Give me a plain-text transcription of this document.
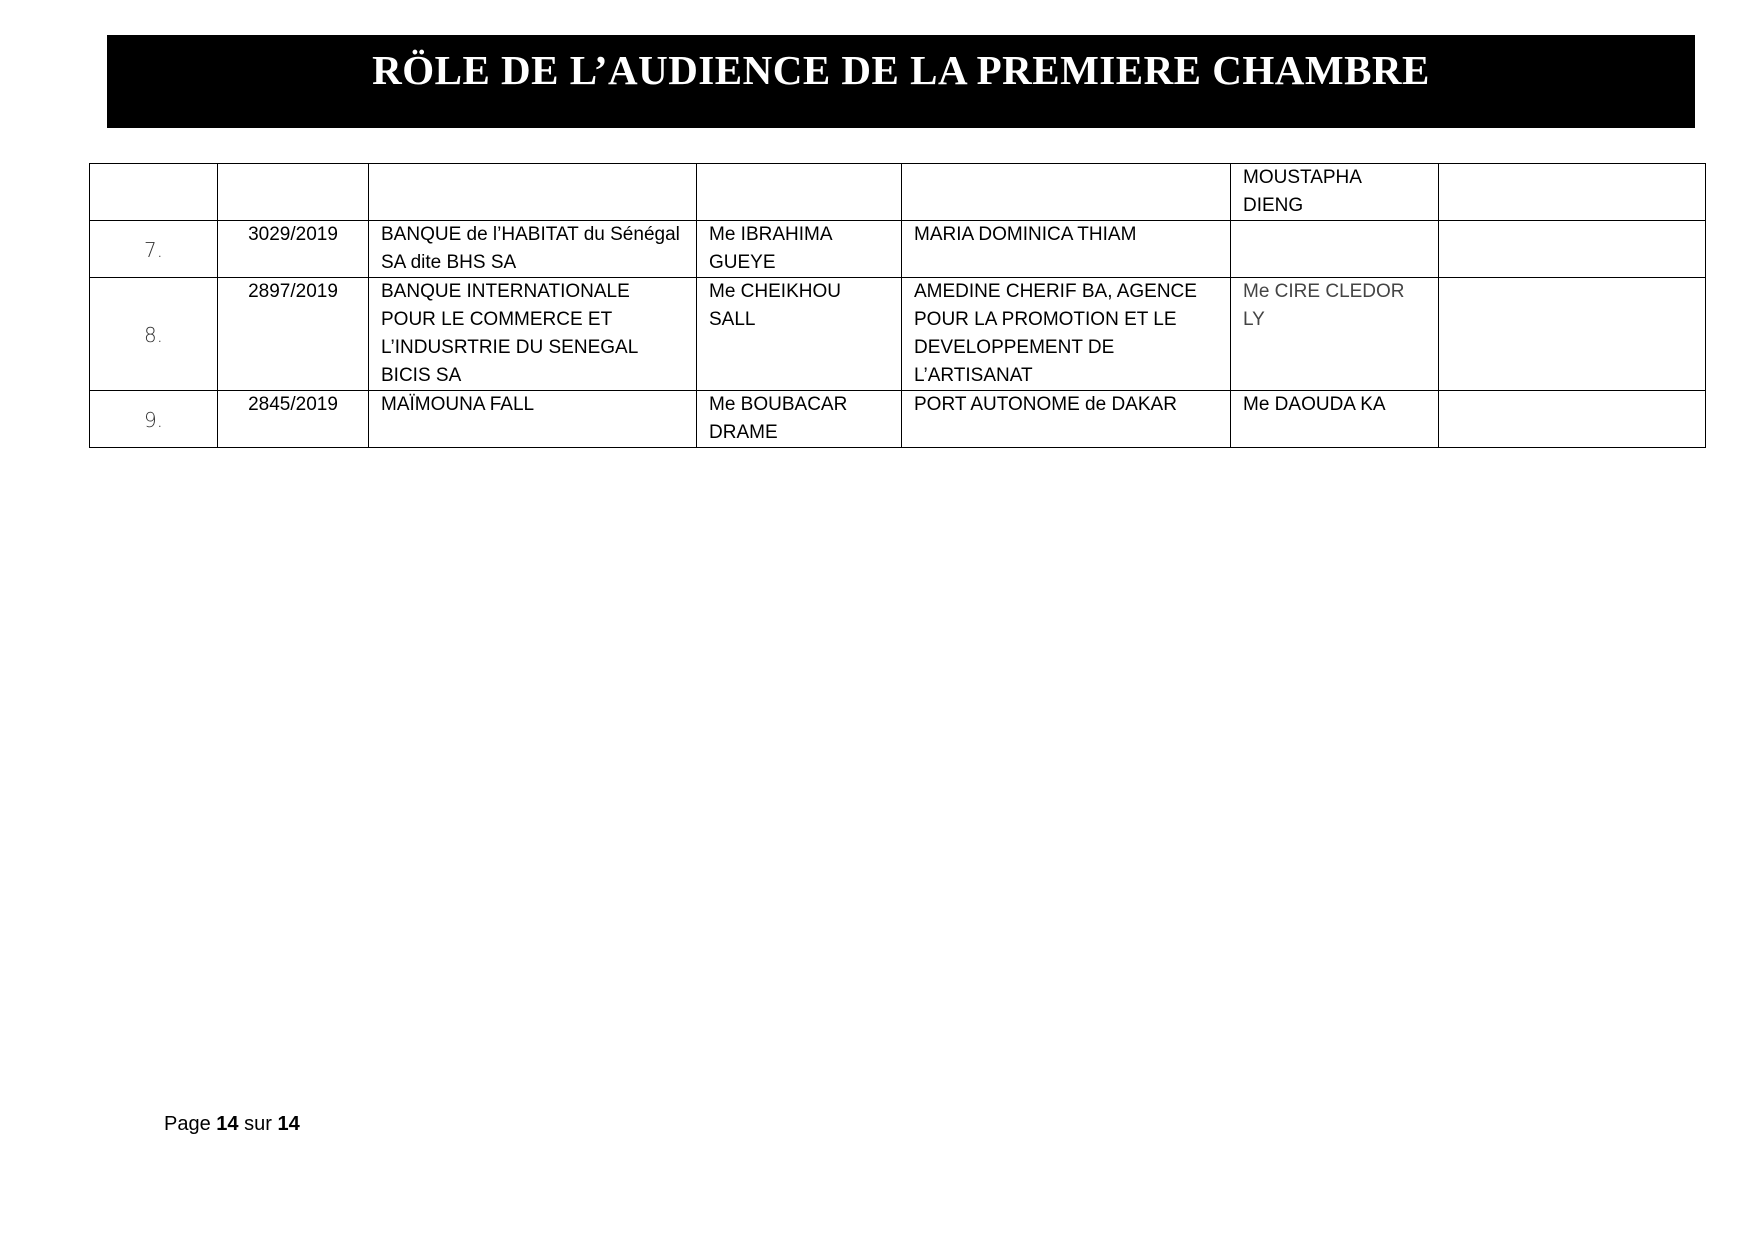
RÖLE DE L’AUDIENCE DE LA PREMIERE CHAMBRE
					MOUSTAPHA DIENG	
7.	3029/2019	BANQUE de l’HABITAT du Sénégal SA dite BHS SA	Me IBRAHIMA GUEYE	MARIA DOMINICA THIAM		
8.	2897/2019	BANQUE INTERNATIONALE POUR LE COMMERCE ET L’INDUSRTRIE DU SENEGAL BICIS SA	Me CHEIKHOU SALL	AMEDINE CHERIF BA, AGENCE POUR LA PROMOTION ET LE DEVELOPPEMENT DE L’ARTISANAT	Me CIRE CLEDOR LY	
9.	2845/2019	MAÏMOUNA FALL	Me BOUBACAR DRAME	PORT AUTONOME de DAKAR	Me DAOUDA KA	
Page 14 sur 14
